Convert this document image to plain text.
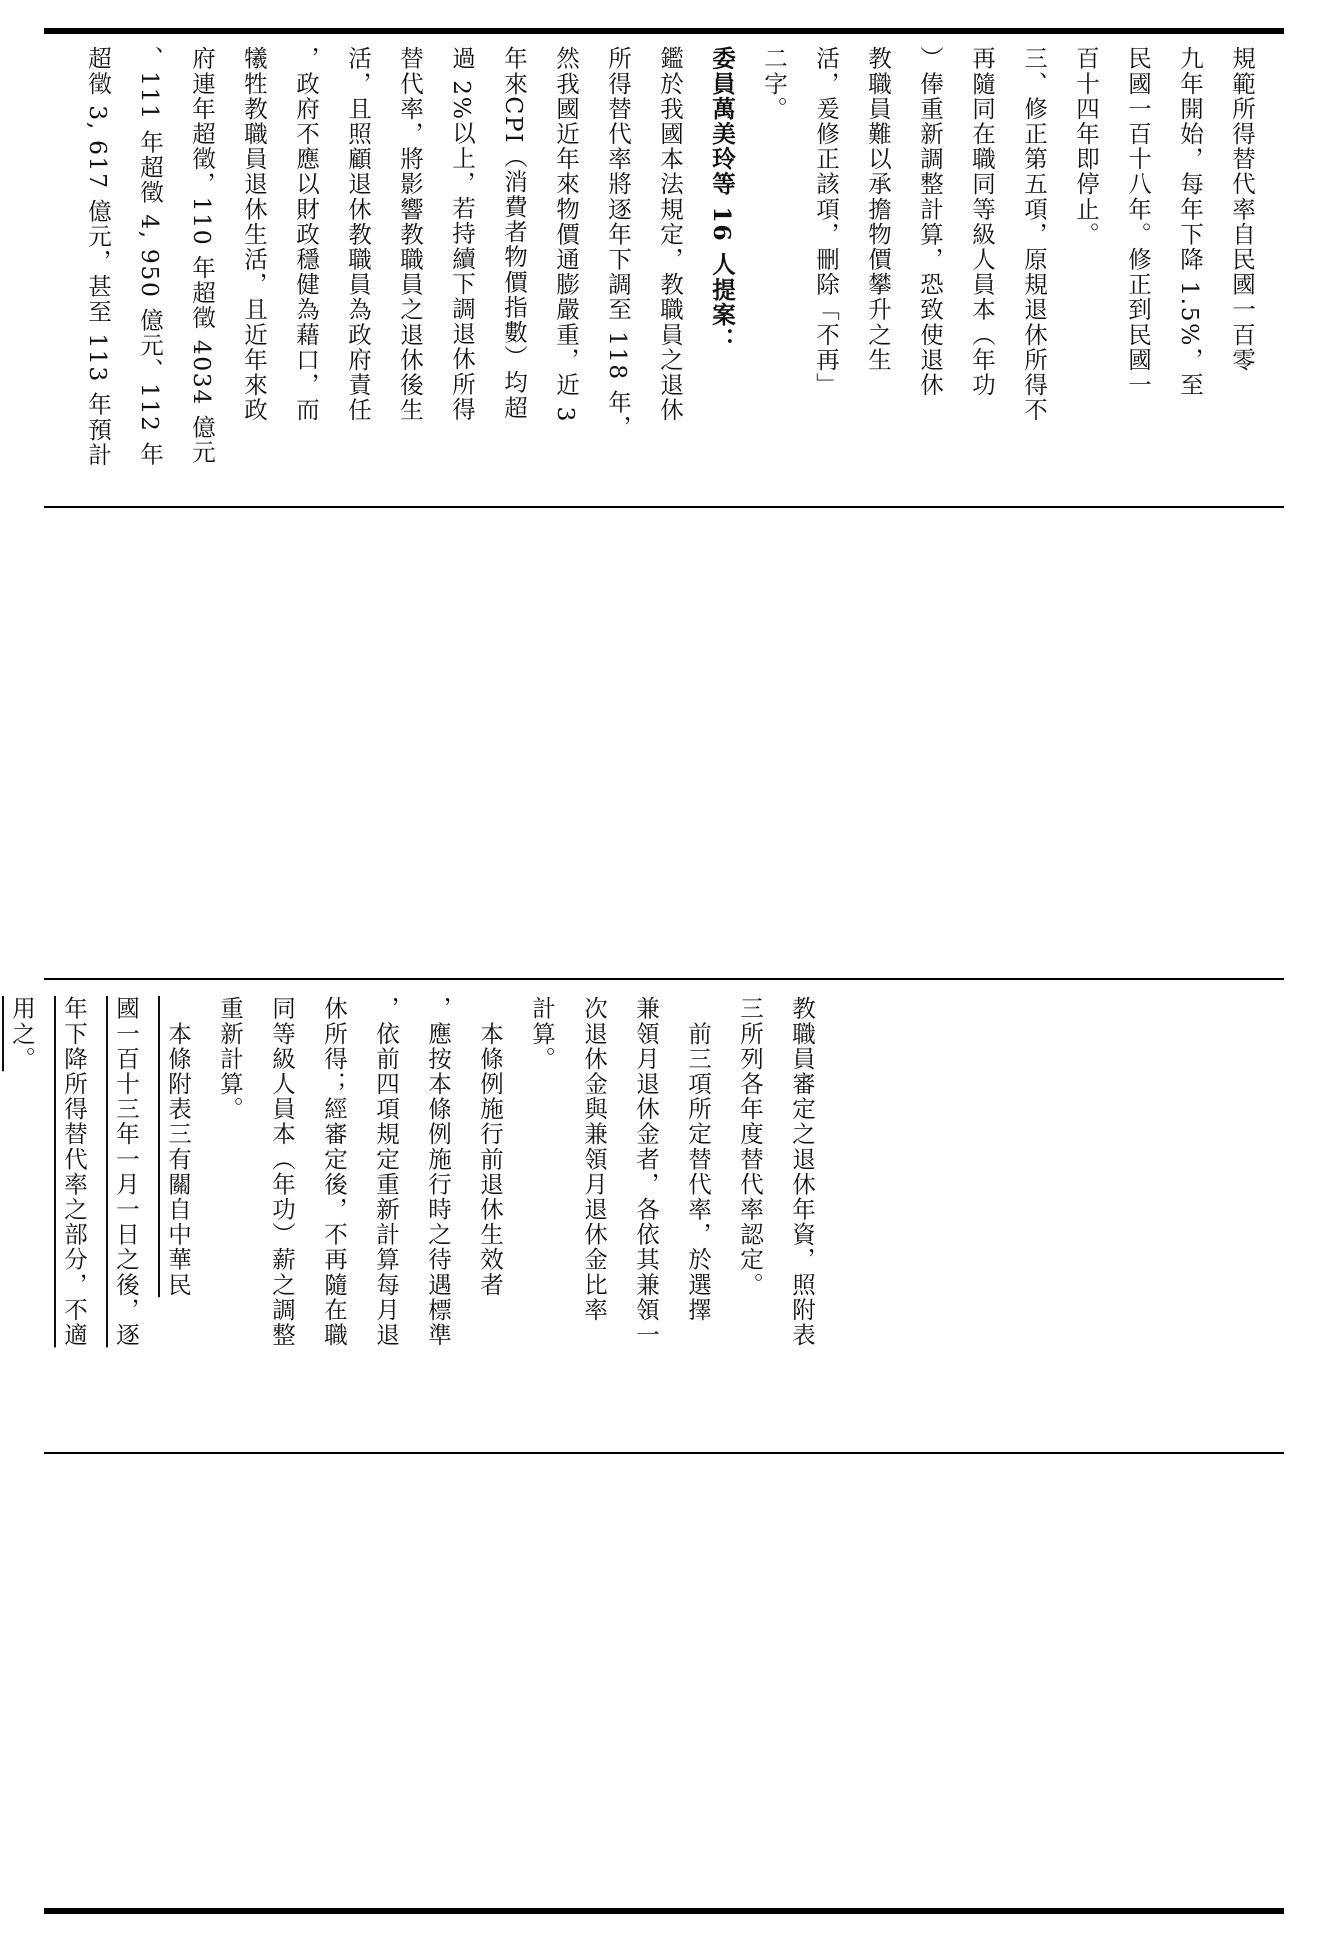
規範所得替代率自民國一百零
九年開始，每年下降 1.5%，至
民國一百十八年。修正到民國一
百十四年即停止。
三、修正第五項，原規退休所得不
再隨同在職同等級人員本（年功
）俸重新調整計算，恐致使退休
教職員難以承擔物價攀升之生
活，爰修正該項，刪除「不再」
二字。
委員萬美玲等 16 人提案：
鑑於我國本法規定，教職員之退休
所得替代率將逐年下調至 118 年，
然我國近年來物價通膨嚴重，近 3
年來CPI（消費者物價指數）均超
過 2%以上，若持續下調退休所得
替代率，將影響教職員之退休後生
活，且照顧退休教職員為政府責任
，政府不應以財政穩健為藉口，而
犧牲教職員退休生活，且近年來政
府連年超徵，110 年超徵 4034 億元
、111 年超徵 4, 950 億元、112 年
超徵 3, 617 億元，甚至 113 年預計
教職員審定之退休年資，照附表
三所列各年度替代率認定。
　前三項所定替代率，於選擇
兼領月退休金者，各依其兼領一
次退休金與兼領月退休金比率
計算。
　本條例施行前退休生效者
，應按本條例施行時之待遇標準
，依前四項規定重新計算每月退
休所得；經審定後，不再隨在職
同等級人員本（年功）薪之調整
重新計算。
　本條附表三有關自中華民
國一百十三年一月一日之後，逐
年下降所得替代率之部分，不適
用之。
